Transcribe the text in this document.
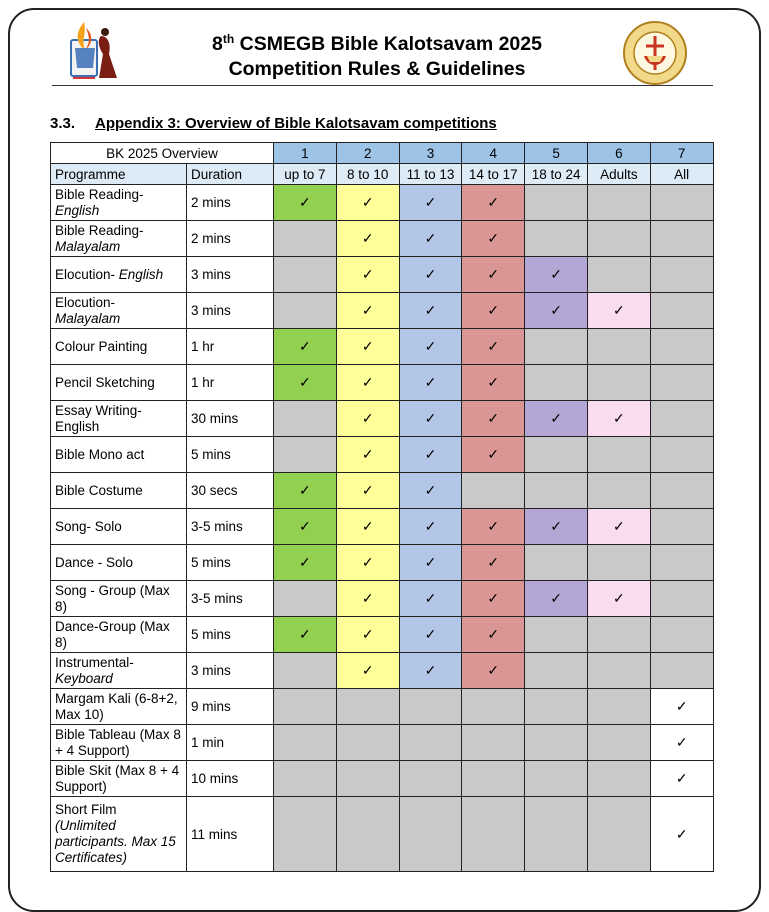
8th CSMEGB Bible Kalotsavam 2025
Competition Rules & Guidelines
3.3. Appendix 3: Overview of Bible Kalotsavam competitions
BK 2025 Overview		1	2	3	4	5	6	7
Programme	Duration	up to 7	8 to 10	11 to 13	14 to 17	18 to 24	Adults	All
Bible Reading-
English	2 mins	✓	✓	✓	✓			
Bible Reading-
Malayalam	2 mins		✓	✓	✓			
Elocution- English	3 mins		✓	✓	✓	✓		
Elocution-
Malayalam	3 mins		✓	✓	✓	✓	✓	
Colour Painting	1 hr	✓	✓	✓	✓			
Pencil Sketching	1 hr	✓	✓	✓	✓			
Essay Writing-English	30 mins		✓	✓	✓	✓	✓	
Bible Mono act	5 mins		✓	✓	✓			
Bible Costume	30 secs	✓	✓	✓				
Song- Solo	3-5 mins	✓	✓	✓	✓	✓	✓	
Dance - Solo	5 mins	✓	✓	✓	✓			
Song - Group (Max 8)	3-5 mins		✓	✓	✓	✓	✓	
Dance-Group (Max 8)	5 mins	✓	✓	✓	✓			
Instrumental-
Keyboard	3 mins		✓	✓	✓			
Margam Kali (6-8+2, Max 10)	9 mins							✓
Bible Tableau (Max 8 + 4 Support)	1 min							✓
Bible Skit (Max 8 + 4 Support)	10 mins							✓
Short Film
(Unlimited participants. Max 15 Certificates)	11 mins							✓
